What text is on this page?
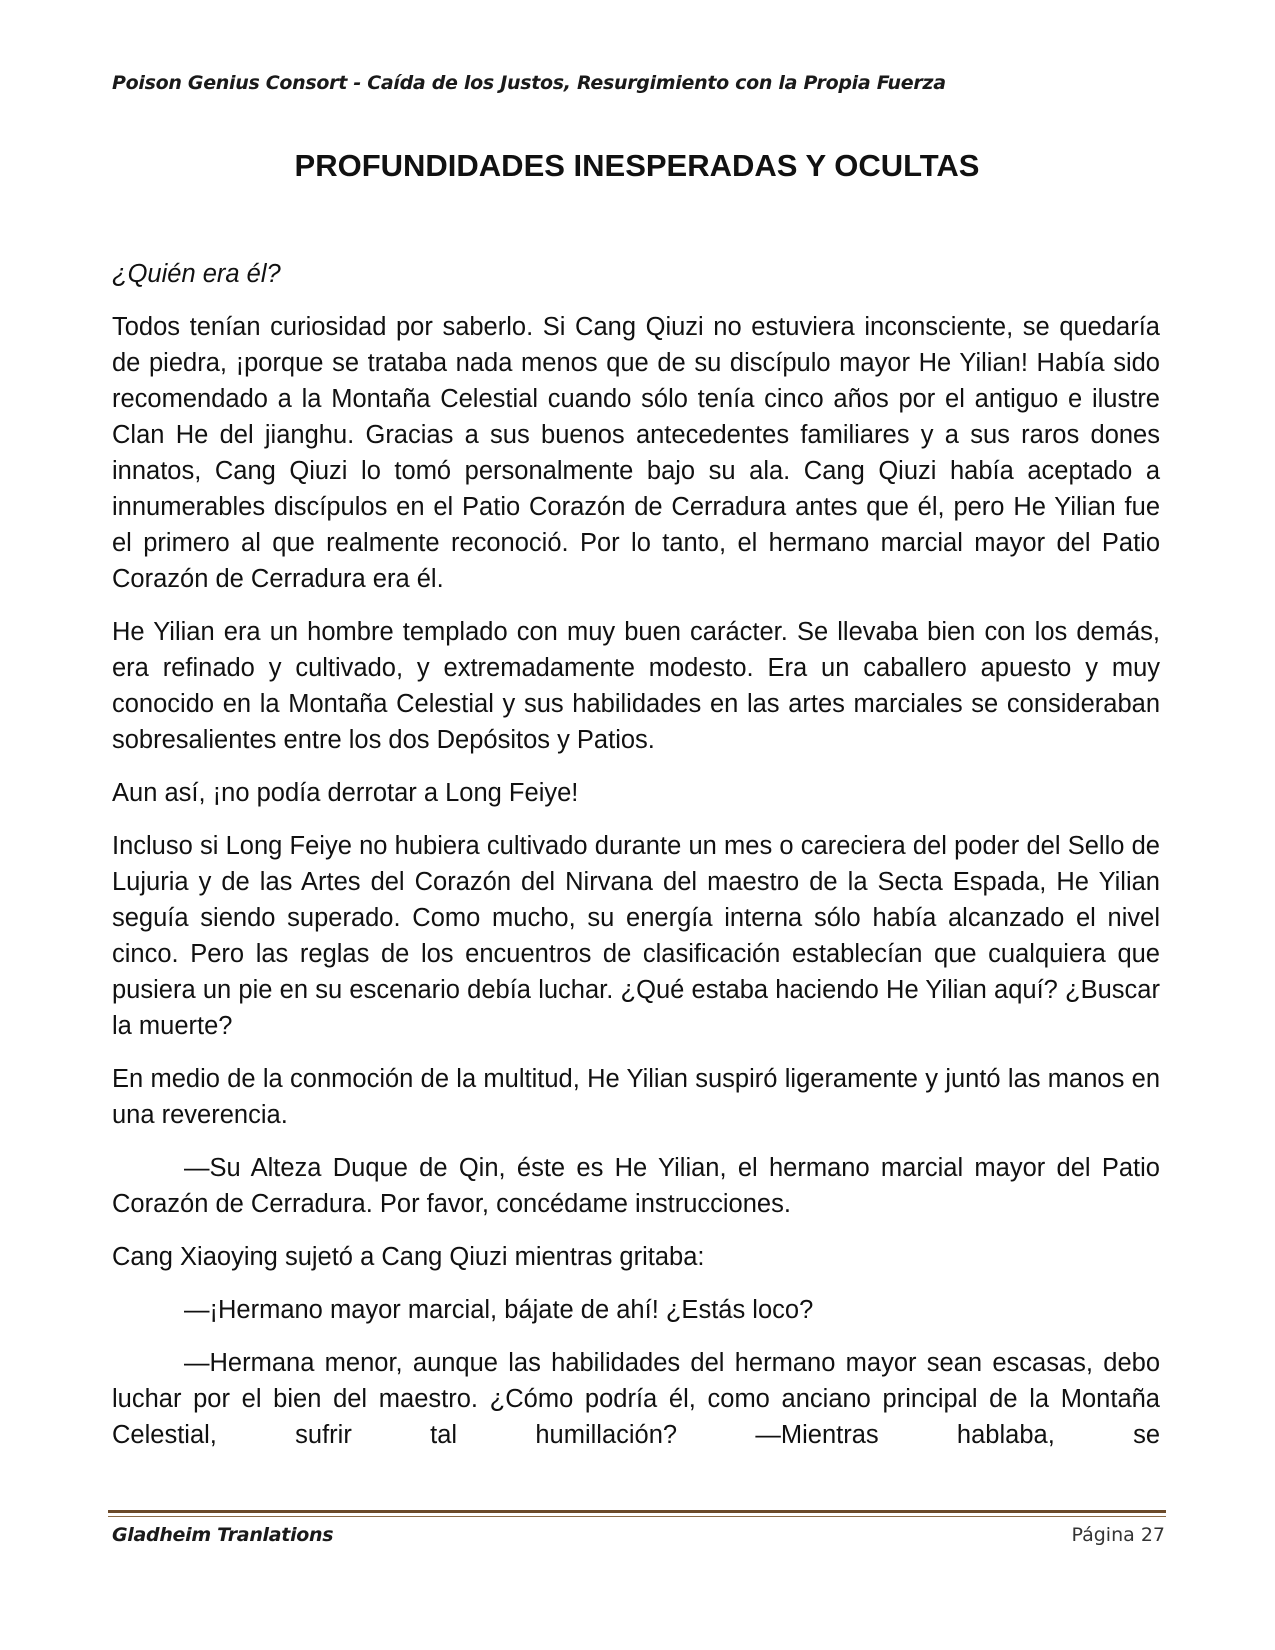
Poison Genius Consort - Caída de los Justos, Resurgimiento con la Propia Fuerza
PROFUNDIDADES INESPERADAS Y OCULTAS

¿Quién era él?

Todos tenían curiosidad por saberlo. Si Cang Qiuzi no estuviera inconsciente, se quedaría de piedra, ¡porque se trataba nada menos que de su discípulo mayor He Yilian! Había sido recomendado a la Montaña Celestial cuando sólo tenía cinco años por el antiguo e ilustre Clan He del jianghu. Gracias a sus buenos antecedentes familiares y a sus raros dones innatos, Cang Qiuzi lo tomó personalmente bajo su ala. Cang Qiuzi había aceptado a innumerables discípulos en el Patio Corazón de Cerradura antes que él, pero He Yilian fue el primero al que realmente reconoció. Por lo tanto, el hermano marcial mayor del Patio Corazón de Cerradura era él.

He Yilian era un hombre templado con muy buen carácter. Se llevaba bien con los demás, era refinado y cultivado, y extremadamente modesto. Era un caballero apuesto y muy conocido en la Montaña Celestial y sus habilidades en las artes marciales se consideraban sobresalientes entre los dos Depósitos y Patios.

Aun así, ¡no podía derrotar a Long Feiye!

Incluso si Long Feiye no hubiera cultivado durante un mes o careciera del poder del Sello de Lujuria y de las Artes del Corazón del Nirvana del maestro de la Secta Espada, He Yilian seguía siendo superado. Como mucho, su energía interna sólo había alcanzado el nivel cinco. Pero las reglas de los encuentros de clasificación establecían que cualquiera que pusiera un pie en su escenario debía luchar. ¿Qué estaba haciendo He Yilian aquí? ¿Buscar la muerte?

En medio de la conmoción de la multitud, He Yilian suspiró ligeramente y juntó las manos en una reverencia.

—Su Alteza Duque de Qin, éste es He Yilian, el hermano marcial mayor del Patio Corazón de Cerradura. Por favor, concédame instrucciones.

Cang Xiaoying sujetó a Cang Qiuzi mientras gritaba:

—¡Hermano mayor marcial, bájate de ahí! ¿Estás loco?

—Hermana menor, aunque las habilidades del hermano mayor sean escasas, debo luchar por el bien del maestro. ¿Cómo podría él, como anciano principal de la Montaña Celestial, sufrir tal humillación? —Mientras hablaba, se

Gladheim Tranlations	Página 27
